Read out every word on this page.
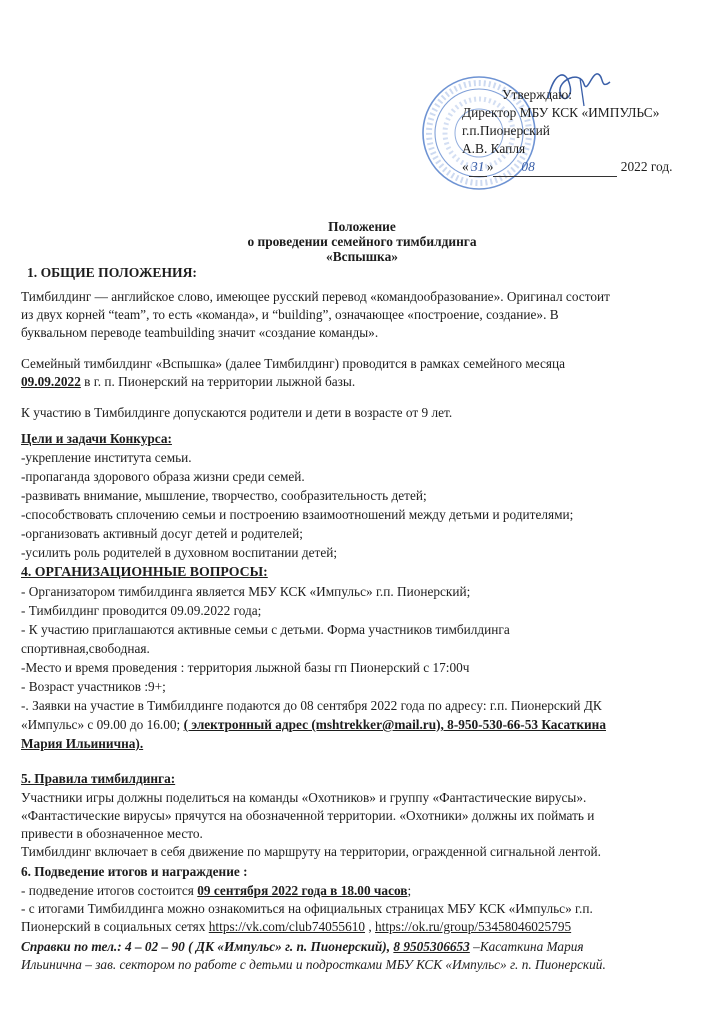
Утверждаю:
Директор МБУ КСК «ИМПУЛЬС»
г.п.Пионерский
А.В. Капля
« 31 » 08	2022 год.
Положение
о проведении семейного тимбилдинга
«Вспышка»
1. ОБЩИЕ ПОЛОЖЕНИЯ:
Тимбилдинг — английское слово, имеющее русский перевод «командообразование». Оригинал состоит
из двух корней “team”, то есть «команда», и “building”, означающее «построение, создание». В
буквальном переводе teambuilding значит «создание команды».
Семейный тимбилдинг «Вспышка» (далее Тимбилдинг) проводится в рамках семейного месяца
09.09.2022 в г. п. Пионерский на территории лыжной базы.
К участию в Тимбилдинге допускаются родители и дети в возрасте от 9 лет.
Цели и задачи Конкурса:
-укрепление института семьи.
-пропаганда здорового образа жизни среди семей.
-развивать внимание, мышление, творчество, сообразительность детей;
-способствовать сплочению семьи и построению взаимоотношений между детьми и родителями;
-организовать активный досуг детей и родителей;
-усилить роль родителей в духовном воспитании детей;
4. ОРГАНИЗАЦИОННЫЕ ВОПРОСЫ:
- Организатором тимбилдинга является МБУ КСК «Импульс» г.п. Пионерский;
- Тимбилдинг проводится 09.09.2022 года;
- К участию приглашаются активные семьи с детьми. Форма участников тимбилдинга
спортивная,свободная.
-Место и время проведения : территория лыжной базы гп Пионерский с 17:00ч
- Возраст участников :9+;
-. Заявки на участие в Тимбилдинге подаются до 08 сентября 2022 года по адресу: г.п. Пионерский ДК
«Импульс» с 09.00 до 16.00; ( электронный адрес (mshtrekker@mail.ru), 8-950-530-66-53 Касаткина
Мария Ильинична).
5. Правила тимбилдинга:
Участники игры должны поделиться на команды «Охотников» и группу «Фантастические вирусы».
«Фантастические вирусы» прячутся на обозначенной территории. «Охотники» должны их поймать и
привести в обозначенное место.
Тимбилдинг включает в себя движение по маршруту на территории, огражденной сигнальной лентой.
6. Подведение итогов и награждение :
- подведение итогов состоится 09 сентября 2022 года в 18.00 часов;
- с итогами Тимбилдинга можно ознакомиться на официальных страницах МБУ КСК «Импульс» г.п.
Пионерский в социальных сетях https://vk.com/club74055610 , https://ok.ru/group/53458046025795
Справки по тел.: 4 – 02 – 90 ( ДК «Импульс» г. п. Пионерский), 8 9505306653 –Касаткина Мария
Ильинична – зав. сектором по работе с детьми и подростками МБУ КСК «Импульс» г. п. Пионерский.
